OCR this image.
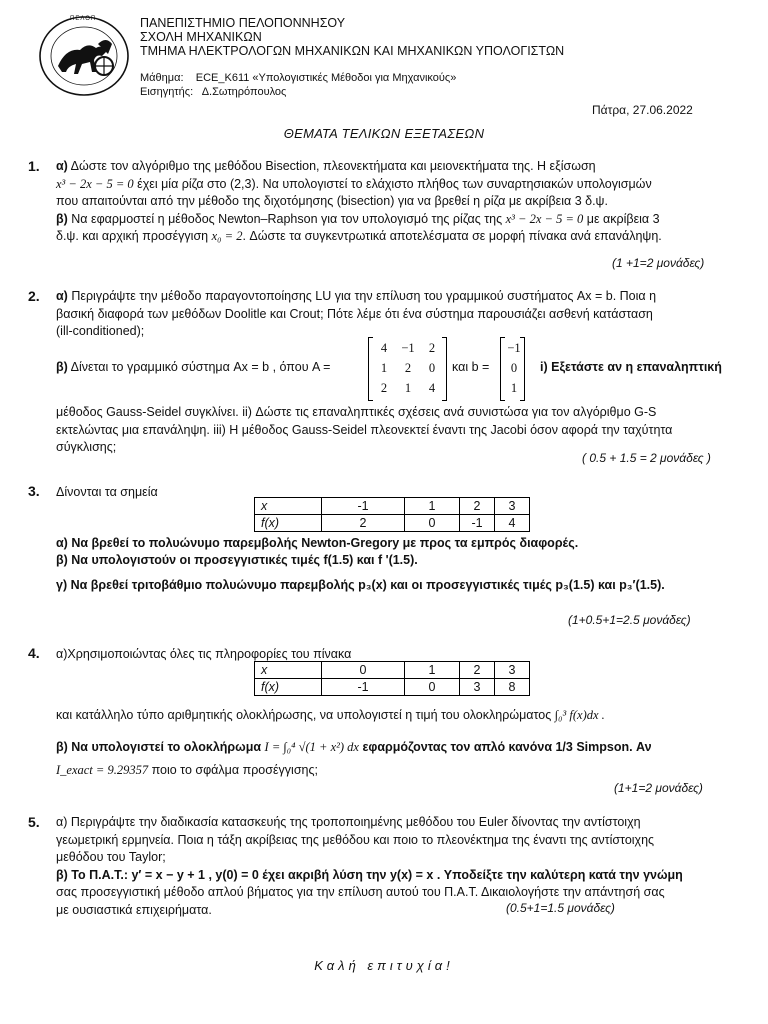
ΠΕΛΟΠ	ΠΑΝΕΠΙΣΤΗΜΙΟ ΠΕΛΟΠΟΝΝΗΣΟΥ
ΣΧΟΛΗ ΜΗΧΑΝΙΚΩΝ
ΤΜΗΜΑ ΗΛΕΚΤΡΟΛΟΓΩΝ ΜΗΧΑΝΙΚΩΝ ΚΑΙ ΜΗΧΑΝΙΚΩΝ ΥΠΟΛΟΓΙΣΤΩΝ
Μάθημα: ECE_K611 «Υπολογιστικές Μέθοδοι για Μηχανικούς»
Εισηγητής: Δ.Σωτηρόπουλος
Πάτρα, 27.06.2022
ΘΕΜΑΤΑ ΤΕΛΙΚΩΝ ΕΞΕΤΑΣΕΩΝ
1. α) Δώστε τον αλγόριθμο της μεθόδου Bisection, πλεονεκτήματα και μειονεκτήματα της. Η εξίσωση
x³ − 2x − 5 = 0 έχει μία ρίζα στο (2,3). Να υπολογιστεί το ελάχιστο πλήθος των συναρτησιακών υπολογισμών
που απαιτούνται από την μέθοδο της διχοτόμησης (bisection) για να βρεθεί η ρίζα με ακρίβεια 3 δ.ψ.
β) Να εφαρμοστεί η μέθοδος Newton–Raphson για τον υπολογισμό της ρίζας της x³ − 2x − 5 = 0 με ακρίβεια 3
δ.ψ. και αρχική προσέγγιση x₀ = 2. Δώστε τα συγκεντρωτικά αποτελέσματα σε μορφή πίνακα ανά επανάληψη.
(1 +1=2 μονάδες)
2. α) Περιγράψτε την μέθοδο παραγοντοποίησης LU για την επίλυση του γραμμικού συστήματος Ax = b. Ποια η
βασική διαφορά των μεθόδων Doolitle και Crout; Πότε λέμε ότι ένα σύστημα παρουσιάζει ασθενή κατάσταση
(ill-conditioned);
β) Δίνεται το γραμμικό σύστημα Ax = b , όπου A =
4 −1 2
1 2 0
2 1 4
και b =
−1
0
1
i) Εξετάστε αν η επαναληπτική
μέθοδος Gauss-Seidel συγκλίνει. ii) Δώστε τις επαναληπτικές σχέσεις ανά συνιστώσα για τον αλγόριθμο G-S
εκτελώντας μια επανάληψη. iii) Η μέθοδος Gauss-Seidel πλεονεκτεί έναντι της Jacobi όσον αφορά την ταχύτητα
σύγκλισης;
( 0.5 + 1.5 = 2 μονάδες )
3. Δίνονται τα σημεία
x	-1	1	2	3
f(x)	2	0	-1	4
α) Να βρεθεί το πολυώνυμο παρεμβολής Newton-Gregory με προς τα εμπρός διαφορές.
β) Να υπολογιστούν οι προσεγγιστικές τιμές f(1.5) και f '(1.5).
γ) Να βρεθεί τριτοβάθμιο πολυώνυμο παρεμβολής p₃(x) και οι προσεγγιστικές τιμές p₃(1.5) και p₃′(1.5).
(1+0.5+1=2.5 μονάδες)
4. α)Χρησιμοποιώντας όλες τις πληροφορίες του πίνακα
x	0	1	2	3
f(x)	-1	0	3	8
και κατάλληλο τύπο αριθμητικής ολοκλήρωσης, να υπολογιστεί η τιμή του ολοκληρώματος ∫₀³ f(x)dx .
β) Να υπολογιστεί το ολοκλήρωμα I = ∫₀⁴ √(1 + x²) dx εφαρμόζοντας τον απλό κανόνα 1/3 Simpson. Αν
I_exact = 9.29357 ποιο το σφάλμα προσέγγισης;
(1+1=2 μονάδες)
5. α) Περιγράψτε την διαδικασία κατασκευής της τροποποιημένης μεθόδου του Euler δίνοντας την αντίστοιχη
γεωμετρική ερμηνεία. Ποια η τάξη ακρίβειας της μεθόδου και ποιο το πλεονέκτημα της έναντι της αντίστοιχης
μεθόδου του Taylor;
β) Το Π.Α.Τ.: y′ = x − y + 1 , y(0) = 0 έχει ακριβή λύση την y(x) = x . Υποδείξτε την καλύτερη κατά την γνώμη
σας προσεγγιστική μέθοδο απλού βήματος για την επίλυση αυτού του Π.Α.Τ. Δικαιολογήστε την απάντησή σας
με ουσιαστικά επιχειρήματα.	(0.5+1=1.5 μονάδες)
Καλή επιτυχία!
